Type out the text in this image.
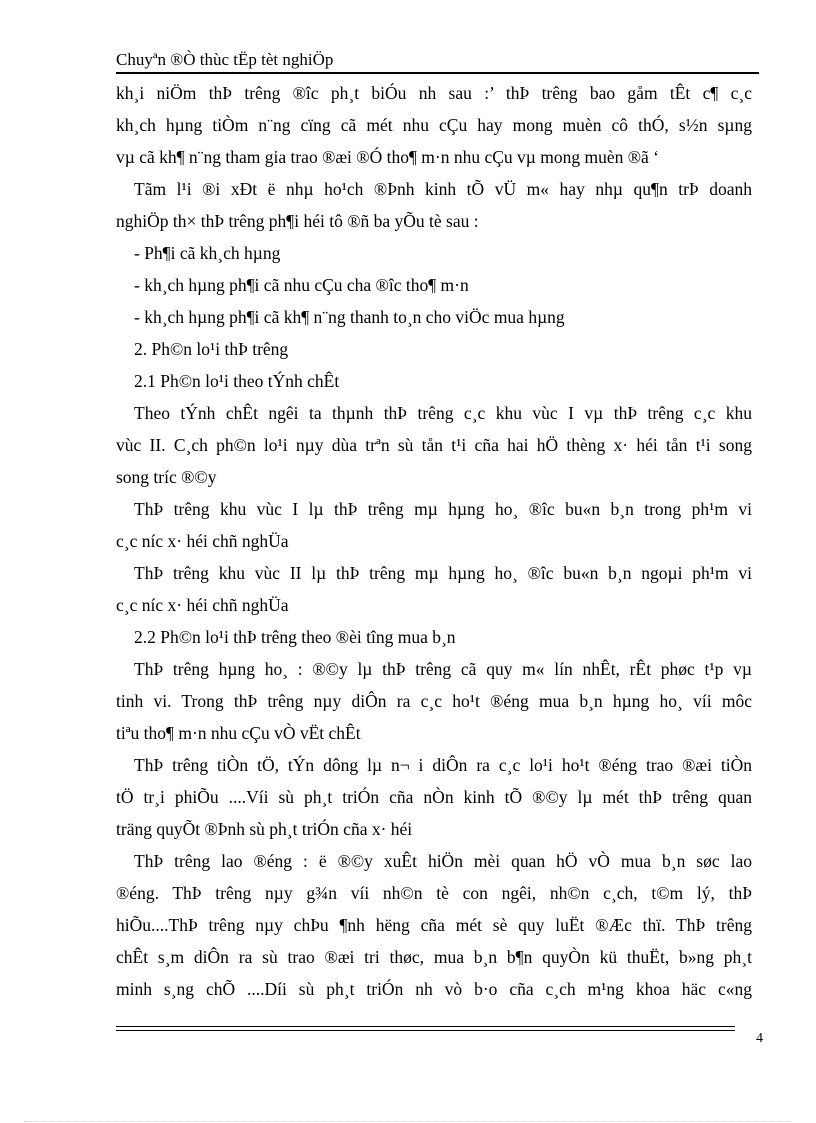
Chuyªn ®Ò thùc tËp tèt nghiÖp
kh¸i niÖm thÞ trêng ®îc ph¸t biÓu nh sau :’ thÞ trêng bao gåm tÊt c¶ c¸c
kh¸ch hµng tiÒm n¨ng cïng cã mét nhu cÇu hay mong muèn cô thÓ, s½n sµng
vµ cã kh¶ n¨ng tham gia trao ®æi ®Ó tho¶ m·n nhu cÇu vµ mong muèn ®ã ‘
Tãm l¹i ®i xÐt ë nhµ ho¹ch ®Þnh kinh tÕ vÜ m« hay nhµ qu¶n trÞ doanh
nghiÖp th× thÞ trêng ph¶i héi tô ®ñ ba yÕu tè sau :
- Ph¶i cã kh¸ch hµng
- kh¸ch hµng ph¶i cã nhu cÇu cha ®îc tho¶ m·n
- kh¸ch hµng ph¶i cã kh¶ n¨ng thanh to¸n cho viÖc mua hµng
2. Ph©n lo¹i thÞ trêng
2.1 Ph©n lo¹i theo tÝnh chÊt
Theo tÝnh chÊt ngêi ta thµnh thÞ trêng c¸c khu vùc I vµ thÞ trêng c¸c khu
vùc II. C¸ch ph©n lo¹i nµy dùa trªn sù tån t¹i cña hai hÖ thèng x· héi tån t¹i song
song tríc ®©y
ThÞ trêng khu vùc I lµ thÞ trêng mµ hµng ho¸ ®îc bu«n b¸n trong ph¹m vi
c¸c níc x· héi chñ nghÜa
ThÞ trêng khu vùc II lµ thÞ trêng mµ hµng ho¸ ®îc bu«n b¸n ngoµi ph¹m vi
c¸c níc x· héi chñ nghÜa
2.2 Ph©n lo¹i thÞ trêng theo ®èi tîng mua b¸n
ThÞ trêng hµng ho¸ : ®©y lµ thÞ trêng cã quy m« lín nhÊt, rÊt phøc t¹p vµ
tinh vi. Trong thÞ trêng nµy diÔn ra c¸c ho¹t ®éng mua b¸n hµng ho¸ víi môc
tiªu tho¶ m·n nhu cÇu vÒ vËt chÊt
ThÞ trêng tiÒn tÖ, tÝn dông lµ n¬ i diÔn ra c¸c lo¹i ho¹t ®éng trao ®æi tiÒn
tÖ tr¸i phiÕu ....Víi sù ph¸t triÓn cña nÒn kinh tÕ ®©y lµ mét thÞ trêng quan
träng quyÕt ®Þnh sù ph¸t triÓn cña x· héi
ThÞ trêng lao ®éng : ë ®©y xuÊt hiÖn mèi quan hÖ vÒ mua b¸n søc lao
®éng. ThÞ trêng nµy g¾n víi nh©n tè con ngêi, nh©n c¸ch, t©m lý, thÞ
hiÕu....ThÞ trêng nµy chÞu ¶nh hëng cña mét sè quy luËt ®Æc thï. ThÞ trêng
chÊt s¸m diÔn ra sù trao ®æi tri thøc, mua b¸n b¶n quyÒn kü thuËt, b»ng ph¸t
minh s¸ng chÕ ....Díi sù ph¸t triÓn nh vò b·o cña c¸ch m¹ng khoa häc c«ng
4
